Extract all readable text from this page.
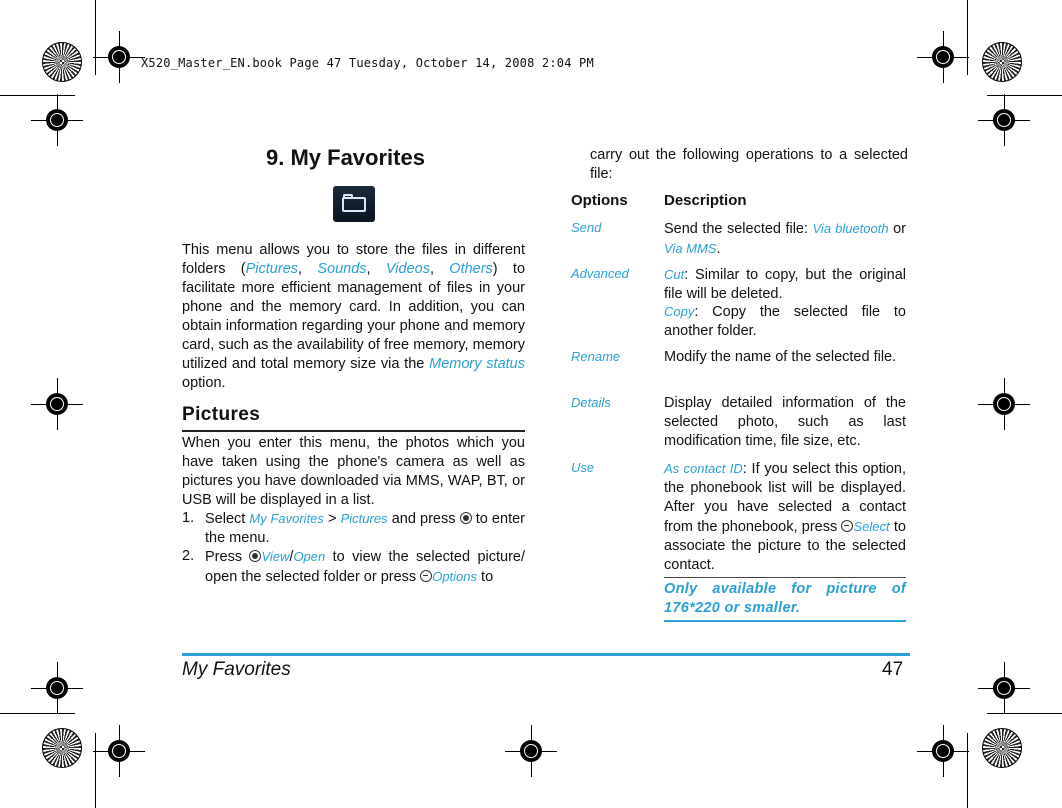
X520_Master_EN.book Page 47 Tuesday, October 14, 2008 2:04 PM
9. My Favorites
This menu allows you to store the files in different folders (Pictures, Sounds, Videos, Others) to facilitate more efficient management of files in your phone and the memory card. In addition, you can obtain information regarding your phone and memory card, such as the availability of free memory, memory utilized and total memory size via the Memory status option.
Pictures
When you enter this menu, the photos which you have taken using the phone's camera as well as pictures you have downloaded via MMS, WAP, BT, or USB will be displayed in a list.
1. Select My Favorites > Pictures and press  to enter the menu.
2. Press View/Open to view the selected picture/ open the selected folder or press Options to
carry out the following operations to a selected file:
Options Description
Send	Send the selected file: Via bluetooth or Via MMS.
Advanced	Cut: Similar to copy, but the original file will be deleted.
Copy: Copy the selected file to another folder.
Rename	Modify the name of the selected file.
Details	Display detailed information of the selected photo, such as last modification time, file size, etc.
Use	As contact ID: If you select this option, the phonebook list will be displayed. After you have selected a contact from the phonebook, press Select to associate the picture to the selected contact.
Only available for picture of 176*220 or smaller.
My Favorites	47
